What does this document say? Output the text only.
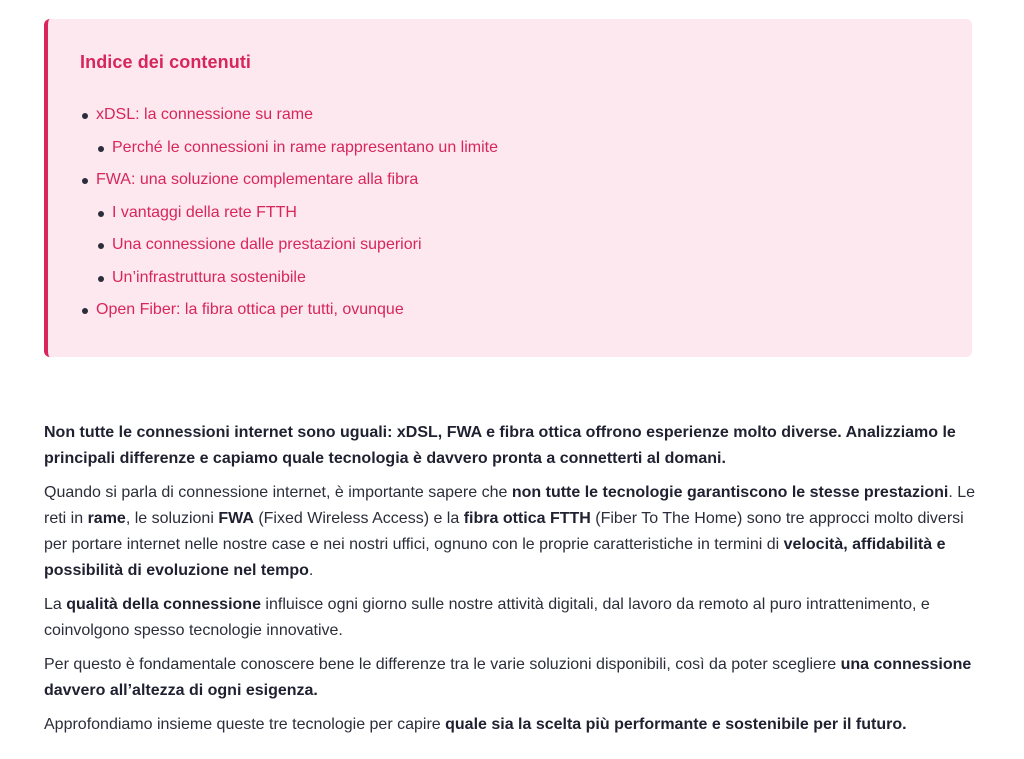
Indice dei contenuti
xDSL: la connessione su rame
Perché le connessioni in rame rappresentano un limite
FWA: una soluzione complementare alla fibra
I vantaggi della rete FTTH
Una connessione dalle prestazioni superiori
Un’infrastruttura sostenibile
Open Fiber: la fibra ottica per tutti, ovunque

Non tutte le connessioni internet sono uguali: xDSL, FWA e fibra ottica offrono esperienze molto diverse. Analizziamo le principali differenze e capiamo quale tecnologia è davvero pronta a connetterti al domani.

Quando si parla di connessione internet, è importante sapere che non tutte le tecnologie garantiscono le stesse prestazioni. Le reti in rame, le soluzioni FWA (Fixed Wireless Access) e la fibra ottica FTTH (Fiber To The Home) sono tre approcci molto diversi per portare internet nelle nostre case e nei nostri uffici, ognuno con le proprie caratteristiche in termini di velocità, affidabilità e possibilità di evoluzione nel tempo.

La qualità della connessione influisce ogni giorno sulle nostre attività digitali, dal lavoro da remoto al puro intrattenimento, e coinvolgono spesso tecnologie innovative.

Per questo è fondamentale conoscere bene le differenze tra le varie soluzioni disponibili, così da poter scegliere una connessione davvero all’altezza di ogni esigenza.

Approfondiamo insieme queste tre tecnologie per capire quale sia la scelta più performante e sostenibile per il futuro.
